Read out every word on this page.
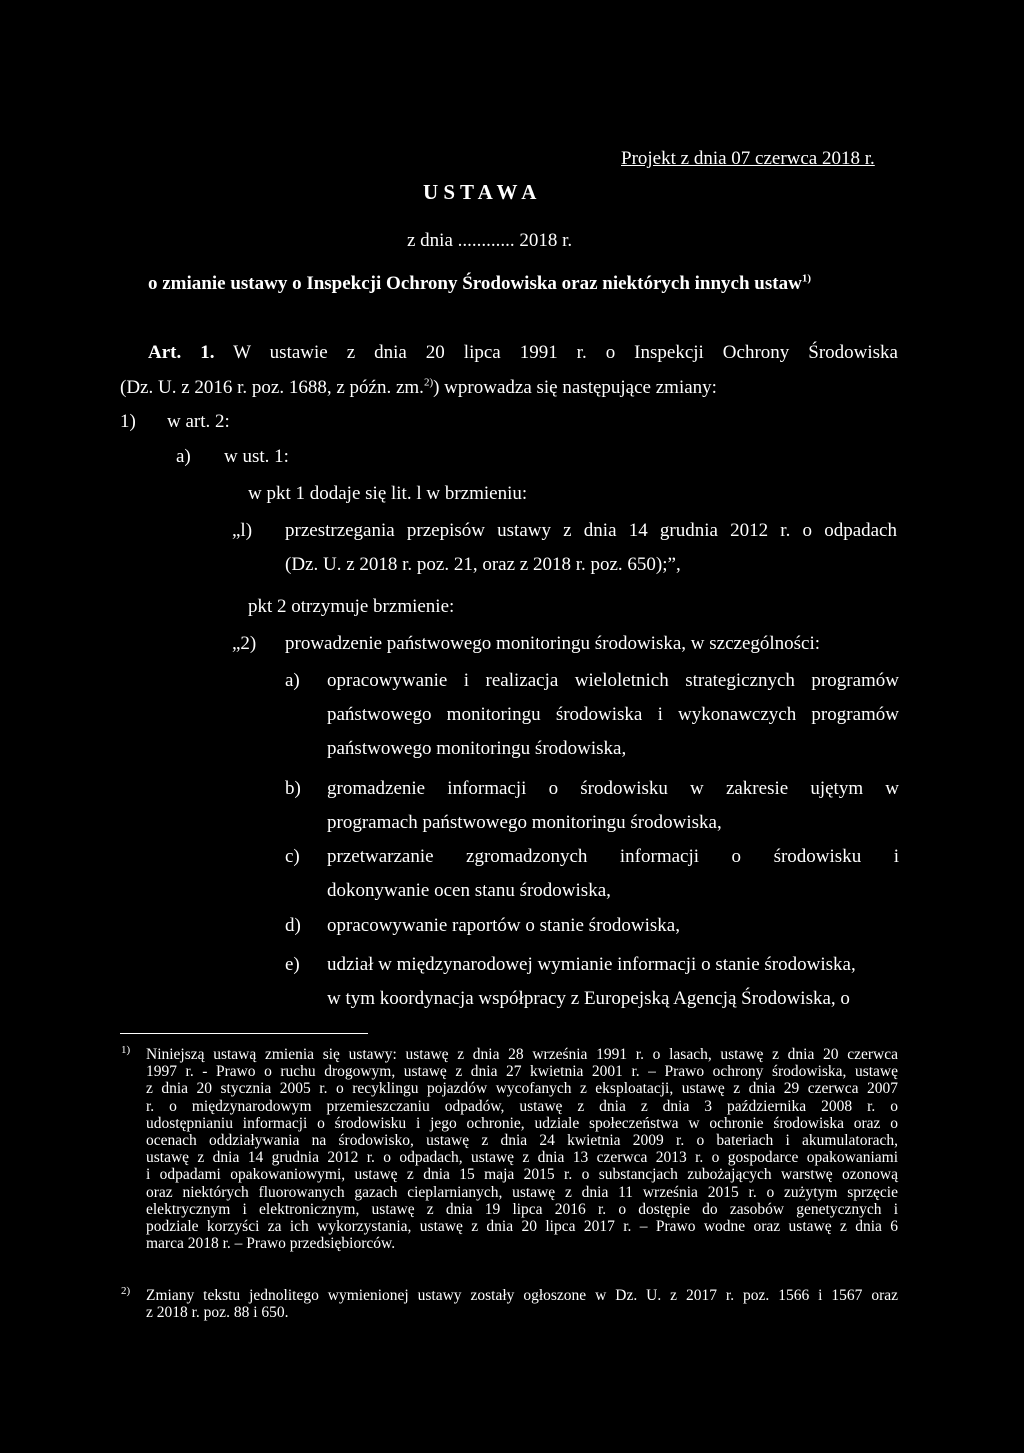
Projekt z dnia 07 czerwca 2018 r.
U S T A W A
z dnia ............ 2018 r.
o zmianie ustawy o Inspekcji Ochrony Środowiska oraz niektórych innych ustaw$^{1)}$
Art. 1. W ustawie z dnia 20 lipca 1991 r. o Inspekcji Ochrony Środowiska
(Dz. U. z 2016 r. poz. 1688, z późn. zm.$^{2)}$) wprowadza się następujące zmiany:
1) w art. 2:
a) w ust. 1:
w pkt 1 dodaje się lit. l w brzmieniu:
„l) przestrzegania przepisów ustawy z dnia 14 grudnia 2012 r. o odpadach
(Dz. U. z 2018 r. poz. 21, oraz z 2018 r. poz. 650);”,
pkt 2 otrzymuje brzmienie:
„2) prowadzenie państwowego monitoringu środowiska, w szczególności:
a) opracowywanie i realizacja wieloletnich strategicznych programów
państwowego monitoringu środowiska i wykonawczych programów
państwowego monitoringu środowiska,
b) gromadzenie informacji o środowisku w zakresie ujętym w
programach państwowego monitoringu środowiska,
c) przetwarzanie zgromadzonych informacji o środowisku i
dokonywanie ocen stanu środowiska,
d) opracowywanie raportów o stanie środowiska,
e) udział w międzynarodowej wymianie informacji o stanie środowiska,
w tym koordynacja współpracy z Europejską Agencją Środowiska, o
1) Niniejszą ustawą zmienia się ustawy: ustawę z dnia 28 września 1991 r. o lasach, ustawę z dnia 20 czerwca
1997 r. - Prawo o ruchu drogowym, ustawę z dnia 27 kwietnia 2001 r. – Prawo ochrony środowiska, ustawę
z dnia 20 stycznia 2005 r. o recyklingu pojazdów wycofanych z eksploatacji, ustawę z dnia 29 czerwca 2007
r. o międzynarodowym przemieszczaniu odpadów, ustawę z dnia z dnia 3 października 2008 r. o
udostępnianiu informacji o środowisku i jego ochronie, udziale społeczeństwa w ochronie środowiska oraz o
ocenach oddziaływania na środowisko, ustawę z dnia 24 kwietnia 2009 r. o bateriach i akumulatorach,
ustawę z dnia 14 grudnia 2012 r. o odpadach, ustawę z dnia 13 czerwca 2013 r. o gospodarce opakowaniami
i odpadami opakowaniowymi, ustawę z dnia 15 maja 2015 r. o substancjach zubożających warstwę ozonową
oraz niektórych fluorowanych gazach cieplarnianych, ustawę z dnia 11 września 2015 r. o zużytym sprzęcie
elektrycznym i elektronicznym, ustawę z dnia 19 lipca 2016 r. o dostępie do zasobów genetycznych i
podziale korzyści za ich wykorzystania, ustawę z dnia 20 lipca 2017 r. – Prawo wodne oraz ustawę z dnia 6
marca 2018 r. – Prawo przedsiębiorców.
2) Zmiany tekstu jednolitego wymienionej ustawy zostały ogłoszone w Dz. U. z 2017 r. poz. 1566 i 1567 oraz
z 2018 r. poz. 88 i 650.
